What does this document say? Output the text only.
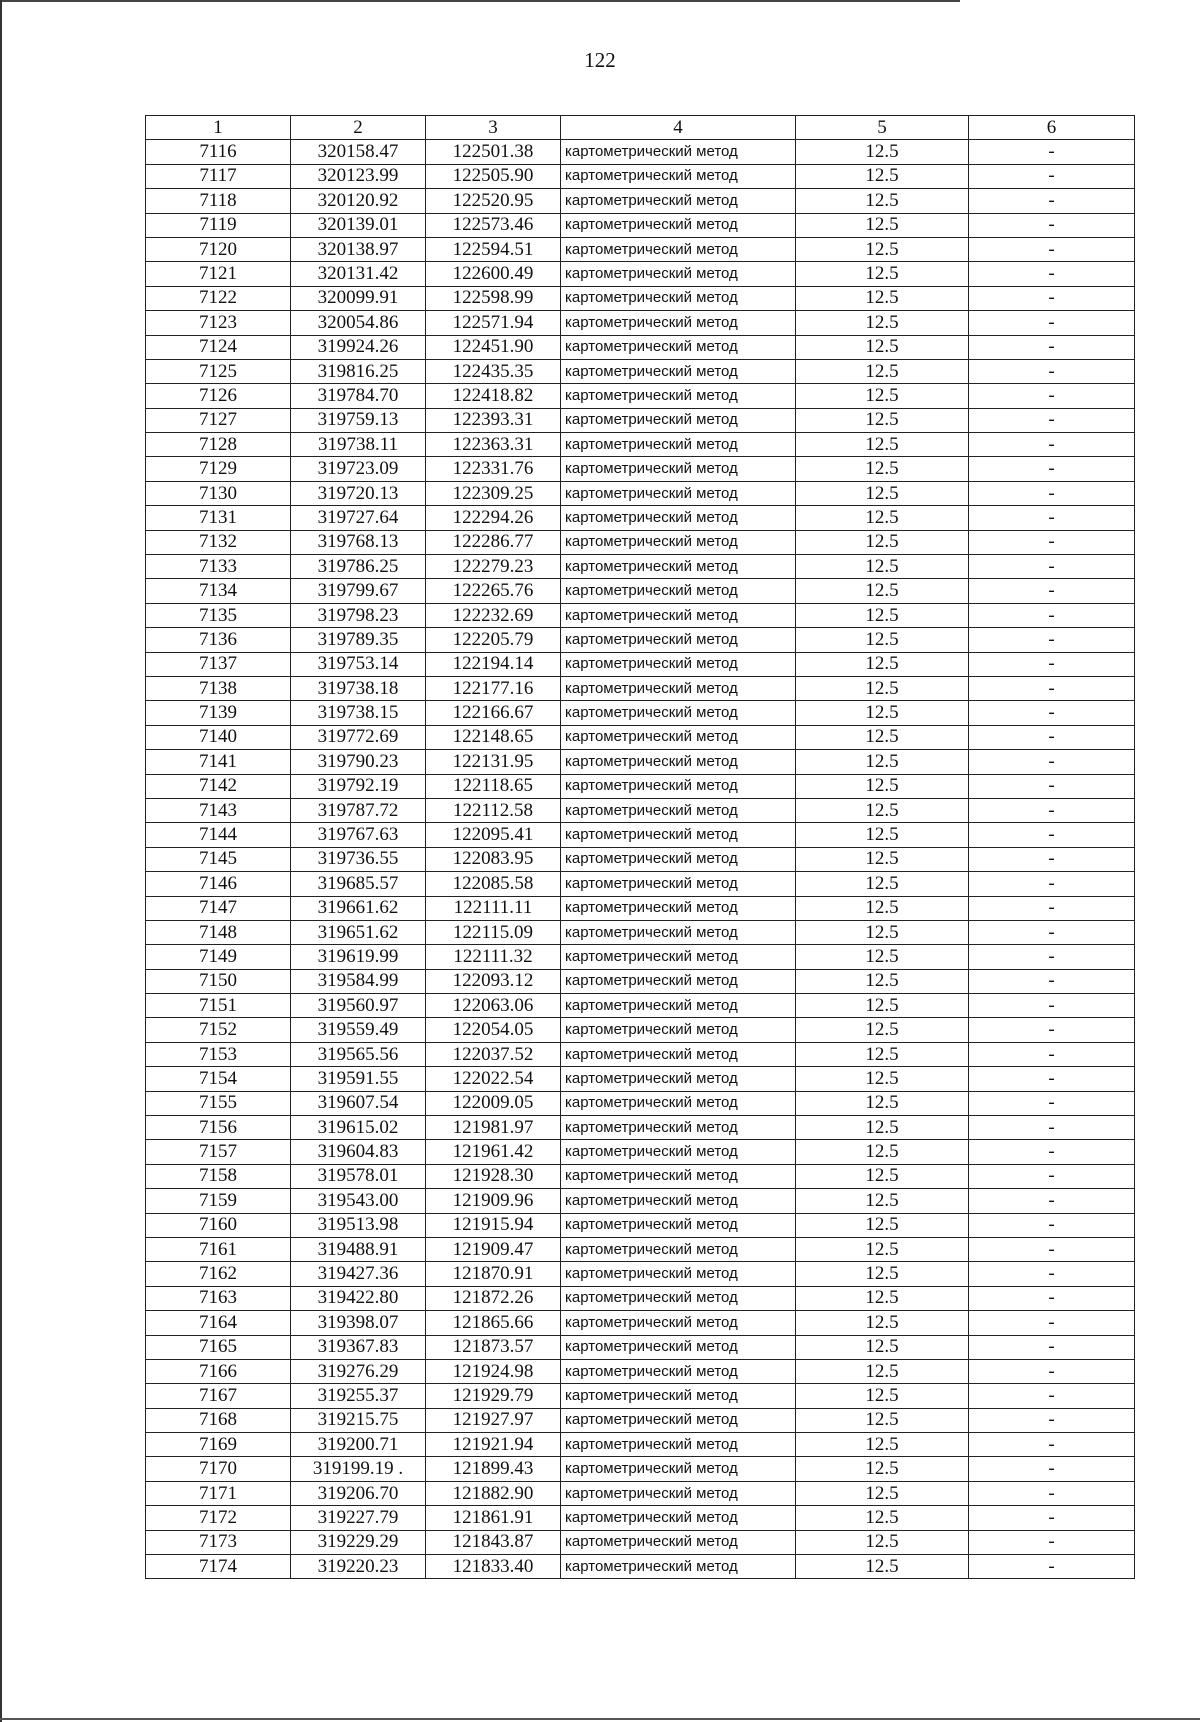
122
1	2	3	4	5	6
7116	320158.47	122501.38	картометрический метод	12.5	-
7117	320123.99	122505.90	картометрический метод	12.5	-
7118	320120.92	122520.95	картометрический метод	12.5	-
7119	320139.01	122573.46	картометрический метод	12.5	-
7120	320138.97	122594.51	картометрический метод	12.5	-
7121	320131.42	122600.49	картометрический метод	12.5	-
7122	320099.91	122598.99	картометрический метод	12.5	-
7123	320054.86	122571.94	картометрический метод	12.5	-
7124	319924.26	122451.90	картометрический метод	12.5	-
7125	319816.25	122435.35	картометрический метод	12.5	-
7126	319784.70	122418.82	картометрический метод	12.5	-
7127	319759.13	122393.31	картометрический метод	12.5	-
7128	319738.11	122363.31	картометрический метод	12.5	-
7129	319723.09	122331.76	картометрический метод	12.5	-
7130	319720.13	122309.25	картометрический метод	12.5	-
7131	319727.64	122294.26	картометрический метод	12.5	-
7132	319768.13	122286.77	картометрический метод	12.5	-
7133	319786.25	122279.23	картометрический метод	12.5	-
7134	319799.67	122265.76	картометрический метод	12.5	-
7135	319798.23	122232.69	картометрический метод	12.5	-
7136	319789.35	122205.79	картометрический метод	12.5	-
7137	319753.14	122194.14	картометрический метод	12.5	-
7138	319738.18	122177.16	картометрический метод	12.5	-
7139	319738.15	122166.67	картометрический метод	12.5	-
7140	319772.69	122148.65	картометрический метод	12.5	-
7141	319790.23	122131.95	картометрический метод	12.5	-
7142	319792.19	122118.65	картометрический метод	12.5	-
7143	319787.72	122112.58	картометрический метод	12.5	-
7144	319767.63	122095.41	картометрический метод	12.5	-
7145	319736.55	122083.95	картометрический метод	12.5	-
7146	319685.57	122085.58	картометрический метод	12.5	-
7147	319661.62	122111.11	картометрический метод	12.5	-
7148	319651.62	122115.09	картометрический метод	12.5	-
7149	319619.99	122111.32	картометрический метод	12.5	-
7150	319584.99	122093.12	картометрический метод	12.5	-
7151	319560.97	122063.06	картометрический метод	12.5	-
7152	319559.49	122054.05	картометрический метод	12.5	-
7153	319565.56	122037.52	картометрический метод	12.5	-
7154	319591.55	122022.54	картометрический метод	12.5	-
7155	319607.54	122009.05	картометрический метод	12.5	-
7156	319615.02	121981.97	картометрический метод	12.5	-
7157	319604.83	121961.42	картометрический метод	12.5	-
7158	319578.01	121928.30	картометрический метод	12.5	-
7159	319543.00	121909.96	картометрический метод	12.5	-
7160	319513.98	121915.94	картометрический метод	12.5	-
7161	319488.91	121909.47	картометрический метод	12.5	-
7162	319427.36	121870.91	картометрический метод	12.5	-
7163	319422.80	121872.26	картометрический метод	12.5	-
7164	319398.07	121865.66	картометрический метод	12.5	-
7165	319367.83	121873.57	картометрический метод	12.5	-
7166	319276.29	121924.98	картометрический метод	12.5	-
7167	319255.37	121929.79	картометрический метод	12.5	-
7168	319215.75	121927.97	картометрический метод	12.5	-
7169	319200.71	121921.94	картометрический метод	12.5	-
7170	319199.19 .	121899.43	картометрический метод	12.5	-
7171	319206.70	121882.90	картометрический метод	12.5	-
7172	319227.79	121861.91	картометрический метод	12.5	-
7173	319229.29	121843.87	картометрический метод	12.5	-
7174	319220.23	121833.40	картометрический метод	12.5	-
